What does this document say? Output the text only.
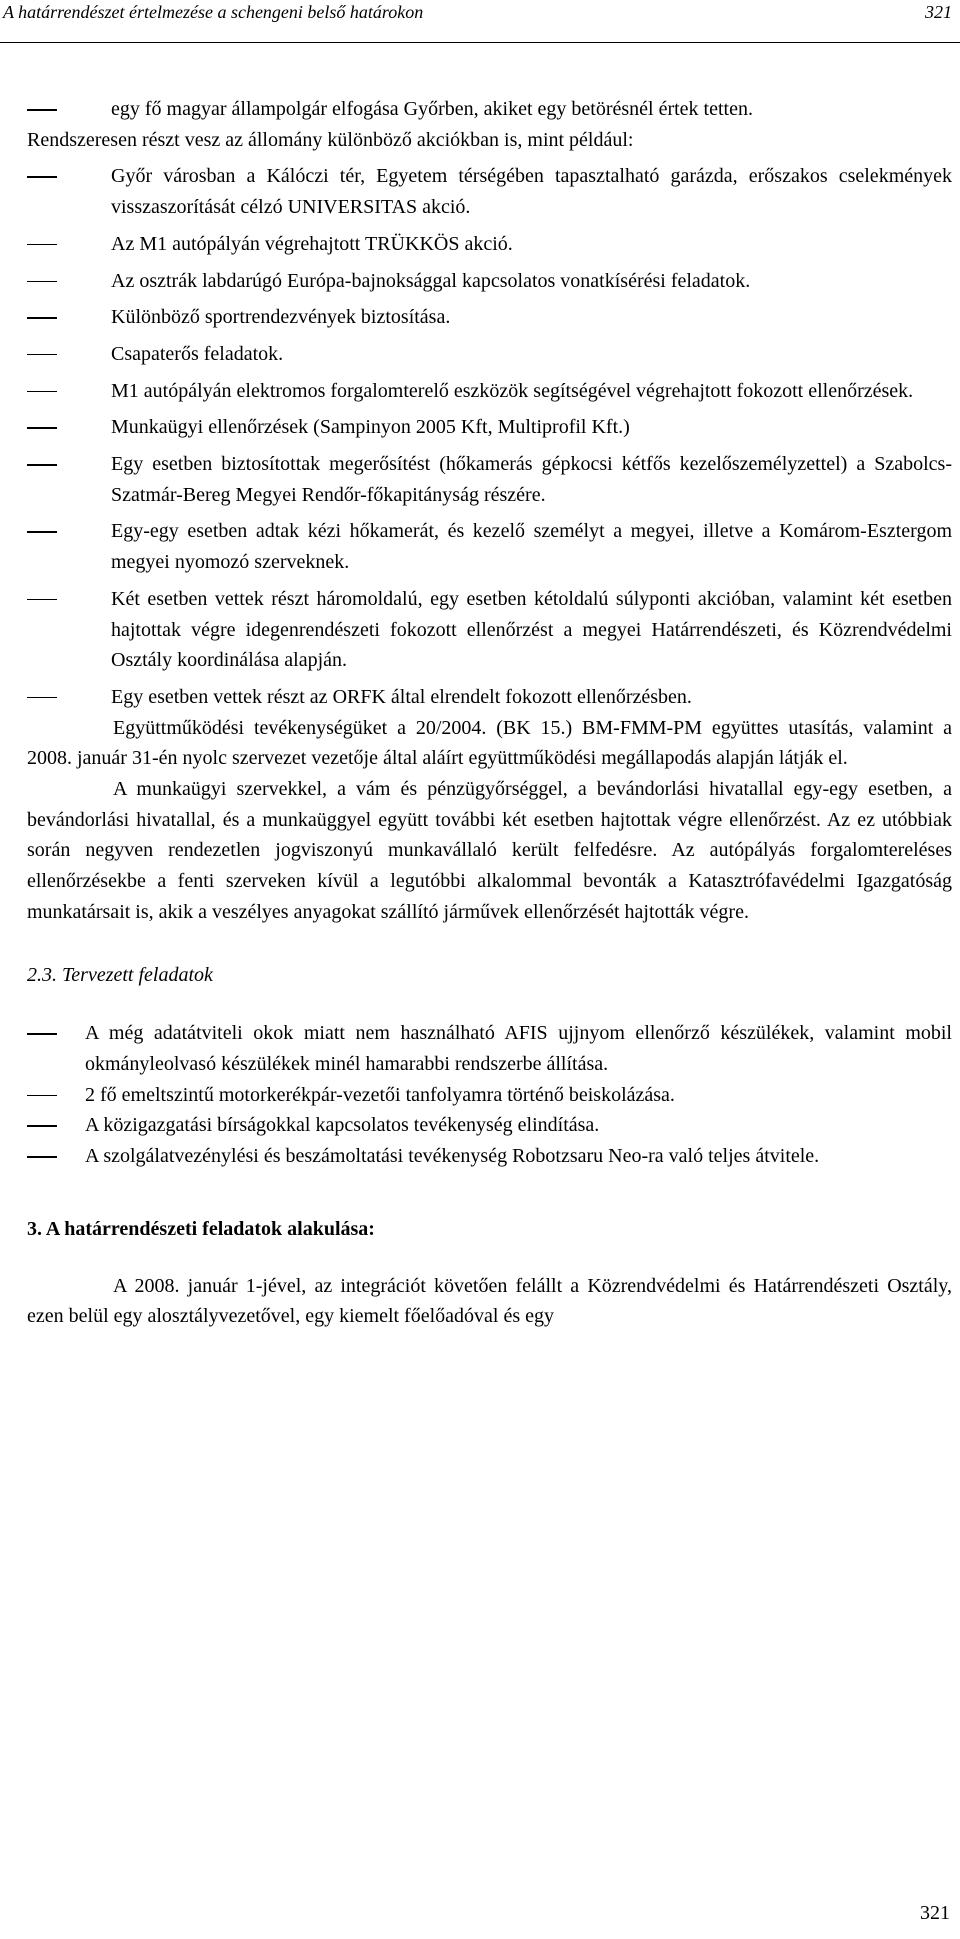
A határrendészet értelmezése a schengeni belső határokon	321

egy fő magyar állampolgár elfogása Győrben, akiket egy betörésnél értek tetten.

Rendszeresen részt vesz az állomány különböző akciókban is, mint például:

Győr városban a Kálóczi tér, Egyetem térségében tapasztalható garázda, erőszakos cselekmények visszaszorítását célzó UNIVERSITAS akció.

Az M1 autópályán végrehajtott TRÜKKÖS akció.

Az osztrák labdarúgó Európa-bajnoksággal kapcsolatos vonatkísérési feladatok.

Különböző sportrendezvények biztosítása.

Csapaterős feladatok.

M1 autópályán elektromos forgalomterelő eszközök segítségével végrehajtott fokozott ellenőrzések.

Munkaügyi ellenőrzések (Sampinyon 2005 Kft, Multiprofil Kft.)

Egy esetben biztosítottak megerősítést (hőkamerás gépkocsi kétfős kezelőszemélyzettel) a Szabolcs-Szatmár-Bereg Megyei Rendőr-főkapitányság részére.

Egy-egy esetben adtak kézi hőkamerát, és kezelő személyt a megyei, illetve a Komárom-Esztergom megyei nyomozó szerveknek.

Két esetben vettek részt háromoldalú, egy esetben kétoldalú súlyponti akcióban, valamint két esetben hajtottak végre idegenrendészeti fokozott ellenőrzést a megyei Határrendészeti, és Közrendvédelmi Osztály koordinálása alapján.

Egy esetben vettek részt az ORFK által elrendelt fokozott ellenőrzésben.

Együttműködési tevékenységüket a 20/2004. (BK 15.) BM-FMM-PM együttes utasítás, valamint a 2008. január 31-én nyolc szervezet vezetője által aláírt együttműködési megállapodás alapján látják el.

A munkaügyi szervekkel, a vám és pénzügyőrséggel, a bevándorlási hivatallal egy-egy esetben, a bevándorlási hivatallal, és a munkaüggyel együtt további két esetben hajtottak végre ellenőrzést. Az ez utóbbiak során negyven rendezetlen jogviszonyú munkavállaló került felfedésre. Az autópályás forgalomtereléses ellenőrzésekbe a fenti szerveken kívül a legutóbbi alkalommal bevonták a Katasztrófavédelmi Igazgatóság munkatársait is, akik a veszélyes anyagokat szállító járművek ellenőrzését hajtották végre.

2.3. Tervezett feladatok

A még adatátviteli okok miatt nem használható AFIS ujjnyom ellenőrző készülékek, valamint mobil okmányleolvasó készülékek minél hamarabbi rendszerbe állítása.

2 fő emeltszintű motorkerékpár-vezetői tanfolyamra történő beiskolázása.

A közigazgatási bírságokkal kapcsolatos tevékenység elindítása.

A szolgálatvezénylési és beszámoltatási tevékenység Robotzsaru Neo-ra való teljes átvitele.

3. A határrendészeti feladatok alakulása:

A 2008. január 1-jével, az integrációt követően felállt a Közrendvédelmi és Határrendészeti Osztály, ezen belül egy alosztályvezetővel, egy kiemelt főelőadóval és egy

321
